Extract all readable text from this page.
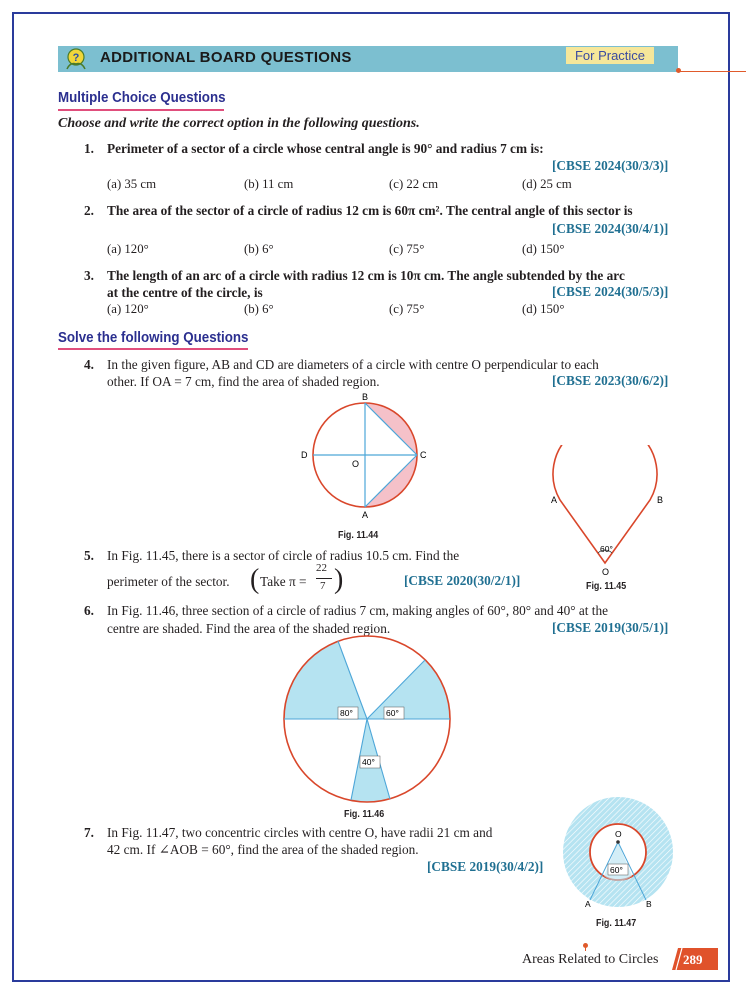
? ADDITIONAL BOARD QUESTIONS	For Practice
Multiple Choice Questions
Choose and write the correct option in the following questions.
1. Perimeter of a sector of a circle whose central angle is 90° and radius 7 cm is:
[CBSE 2024(30/3/3)]
(a) 35 cm	(b) 11 cm	(c) 22 cm	(d) 25 cm
2. The area of the sector of a circle of radius 12 cm is 60π cm². The central angle of this sector is
[CBSE 2024(30/4/1)]
(a) 120°	(b) 6°	(c) 75°	(d) 150°
3. The length of an arc of a circle with radius 12 cm is 10π cm. The angle subtended by the arc
at the centre of the circle, is	[CBSE 2024(30/5/3)]
(a) 120°	(b) 6°	(c) 75°	(d) 150°
Solve the following Questions
4. In the given figure, AB and CD are diameters of a circle with centre O perpendicular to each
other. If OA = 7 cm, find the area of shaded region.	[CBSE 2023(30/6/2)]
B
A
C
D
O
Fig. 11.44
A	B
60°
O
Fig. 11.45
5. In Fig. 11.45, there is a sector of circle of radius 10.5 cm. Find the
perimeter of the sector. ( Take π =
22
7 )	[CBSE 2020(30/2/1)]
6. In Fig. 11.46, three section of a circle of radius 7 cm, making angles of 60°, 80° and 40° at the
centre are shaded. Find the area of the shaded region.	[CBSE 2019(30/5/1)]
80°	60°
40°
Fig. 11.46
7. In Fig. 11.47, two concentric circles with centre O, have radii 21 cm and
42 cm. If ∠AOB = 60°, find the area of the shaded region.
[CBSE 2019(30/4/2)]
O
60°
A	B
Fig. 11.47
Areas Related to Circles 289
